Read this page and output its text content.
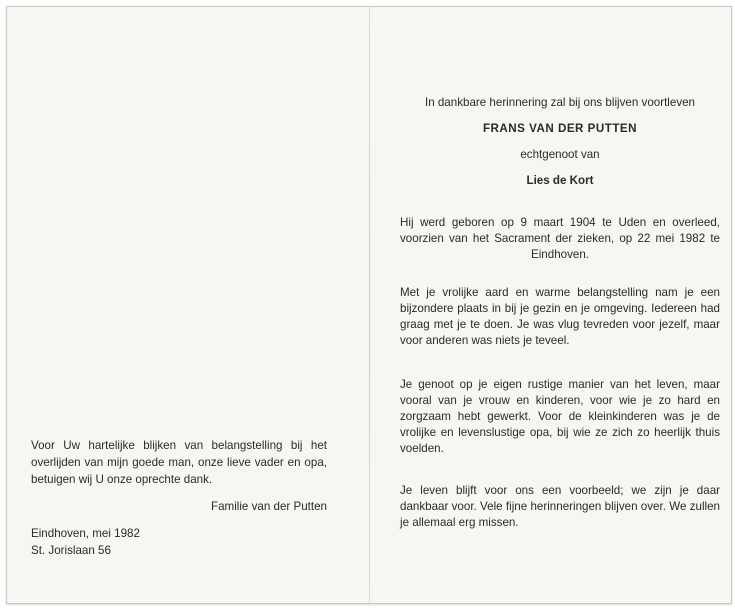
Voor Uw hartelijke blijken van belangstelling bij het overlijden van mijn goede man, onze lieve vader en opa, betuigen wij U onze oprechte dank.

Familie van der Putten

Eindhoven, mei 1982

St. Jorislaan 56

In dankbare herinnering zal bij ons blijven voortleven

FRANS VAN DER PUTTEN

echtgenoot van

Lies de Kort

Hij werd geboren op 9 maart 1904 te Uden en overleed, voorzien van het Sacrament der zieken, op 22 mei 1982 te Eindhoven.

Met je vrolijke aard en warme belangstelling nam je een bijzondere plaats in bij je gezin en je omgeving. Iedereen had graag met je te doen. Je was vlug tevreden voor jezelf, maar voor anderen was niets je teveel.

Je genoot op je eigen rustige manier van het leven, maar vooral van je vrouw en kinderen, voor wie je zo hard en zorgzaam hebt gewerkt. Voor de kleinkinderen was je de vrolijke en levenslustige opa, bij wie ze zich zo heerlijk thuis voelden.

Je leven blijft voor ons een voorbeeld; we zijn je daar dankbaar voor. Vele fijne herinneringen blijven over. We zullen je allemaal erg missen.
